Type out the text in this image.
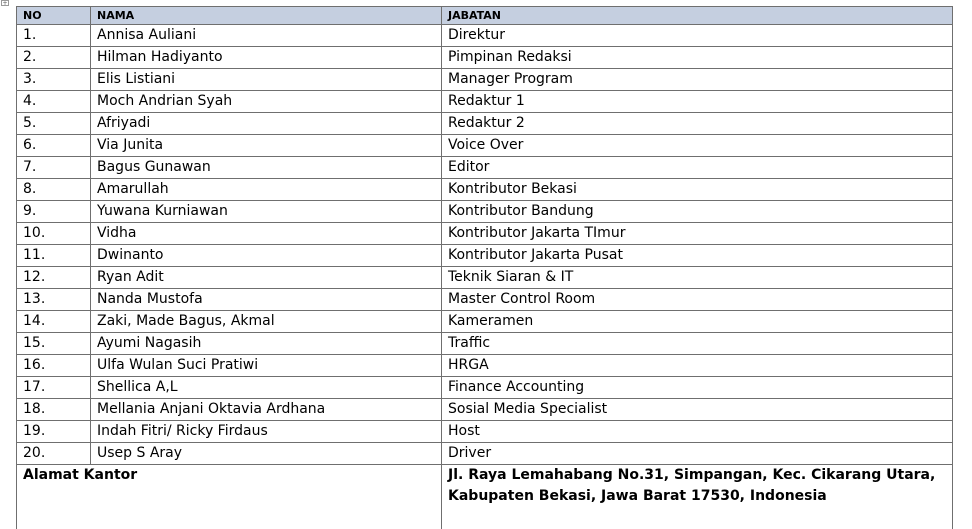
+
NO	NAMA	JABATAN
1.	Annisa Auliani	Direktur
2.	Hilman Hadiyanto	Pimpinan Redaksi
3.	Elis Listiani	Manager Program
4.	Moch Andrian Syah	Redaktur 1
5.	Afriyadi	Redaktur 2
6.	Via Junita	Voice Over
7.	Bagus Gunawan	Editor
8.	Amarullah	Kontributor Bekasi
9.	Yuwana Kurniawan	Kontributor Bandung
10.	Vidha	Kontributor Jakarta TImur
11.	Dwinanto	Kontributor Jakarta Pusat
12.	Ryan Adit	Teknik Siaran & IT
13.	Nanda Mustofa	Master Control Room
14.	Zaki, Made Bagus, Akmal	Kameramen
15.	Ayumi Nagasih	Traffic
16.	Ulfa Wulan Suci Pratiwi	HRGA
17.	Shellica A,L	Finance Accounting
18.	Mellania Anjani Oktavia Ardhana	Sosial Media Specialist
19.	Indah Fitri/ Ricky Firdaus	Host
20.	Usep S Aray	Driver
Alamat Kantor		Jl. Raya Lemahabang No.31, Simpangan, Kec. Cikarang Utara,
Kabupaten Bekasi, Jawa Barat 17530, Indonesia
